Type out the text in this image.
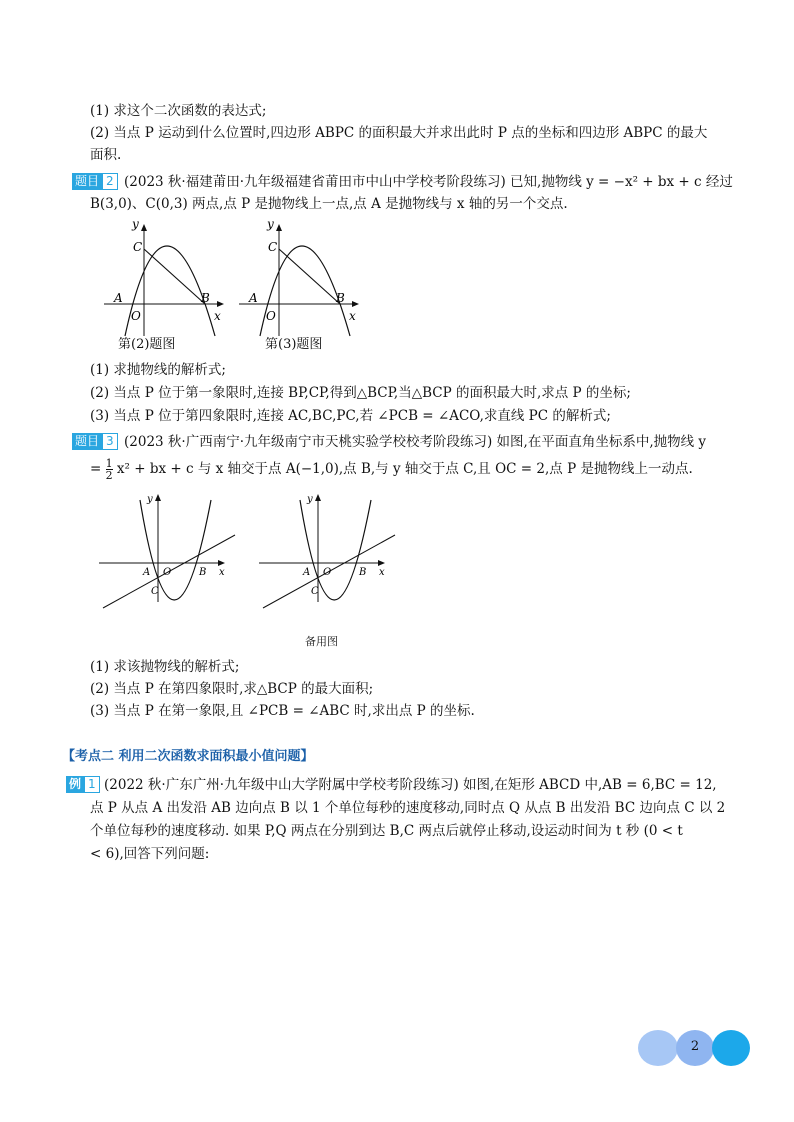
(1) 求这个二次函数的表达式;
(2) 当点 P 运动到什么位置时,四边形 ABPC 的面积最大并求出此时 P 点的坐标和四边形 ABPC 的最大
面积.
题目 2 (2023 秋·福建莆田·九年级福建省莆田市中山中学校考阶段练习) 已知,抛物线 y = −x² + bx + c 经过
B(3,0)、C(0,3) 两点,点 P 是抛物线上一点,点 A 是抛物线与 x 轴的另一个交点.
y
C
A	B
O	x
y
C
A	B
O	x
第(2)题图	第(3)题图
(1) 求抛物线的解析式;
(2) 当点 P 位于第一象限时,连接 BP,CP,得到△BCP,当△BCP 的面积最大时,求点 P 的坐标;
(3) 当点 P 位于第四象限时,连接 AC,BC,PC,若 ∠PCB = ∠ACO,求直线 PC 的解析式;
题目 3 (2023 秋·广西南宁·九年级南宁市天桃实验学校校考阶段练习) 如图,在平面直角坐标系中,抛物线 y
= $\frac{1}{2} x^2$ + bx + c 与 x 轴交于点 A(−1,0),点 B,与 y 轴交于点 C,且 OC = 2,点 P 是抛物线上一动点.
y
A O	B x
C
y
A O	B x
C
备用图
(1) 求该抛物线的解析式;
(2) 当点 P 在第四象限时,求△BCP 的最大面积;
(3) 当点 P 在第一象限,且 ∠PCB = ∠ABC 时,求出点 P 的坐标.
【考点二 利用二次函数求面积最小值问题】
例 1 (2022 秋·广东广州·九年级中山大学附属中学校考阶段练习) 如图,在矩形 ABCD 中,AB = 6,BC = 12,
点 P 从点 A 出发沿 AB 边向点 B 以 1 个单位每秒的速度移动,同时点 Q 从点 B 出发沿 BC 边向点 C 以 2
个单位每秒的速度移动. 如果 P,Q 两点在分别到达 B,C 两点后就停止移动,设运动时间为 t 秒 (0 < t
< 6),回答下列问题:
2
